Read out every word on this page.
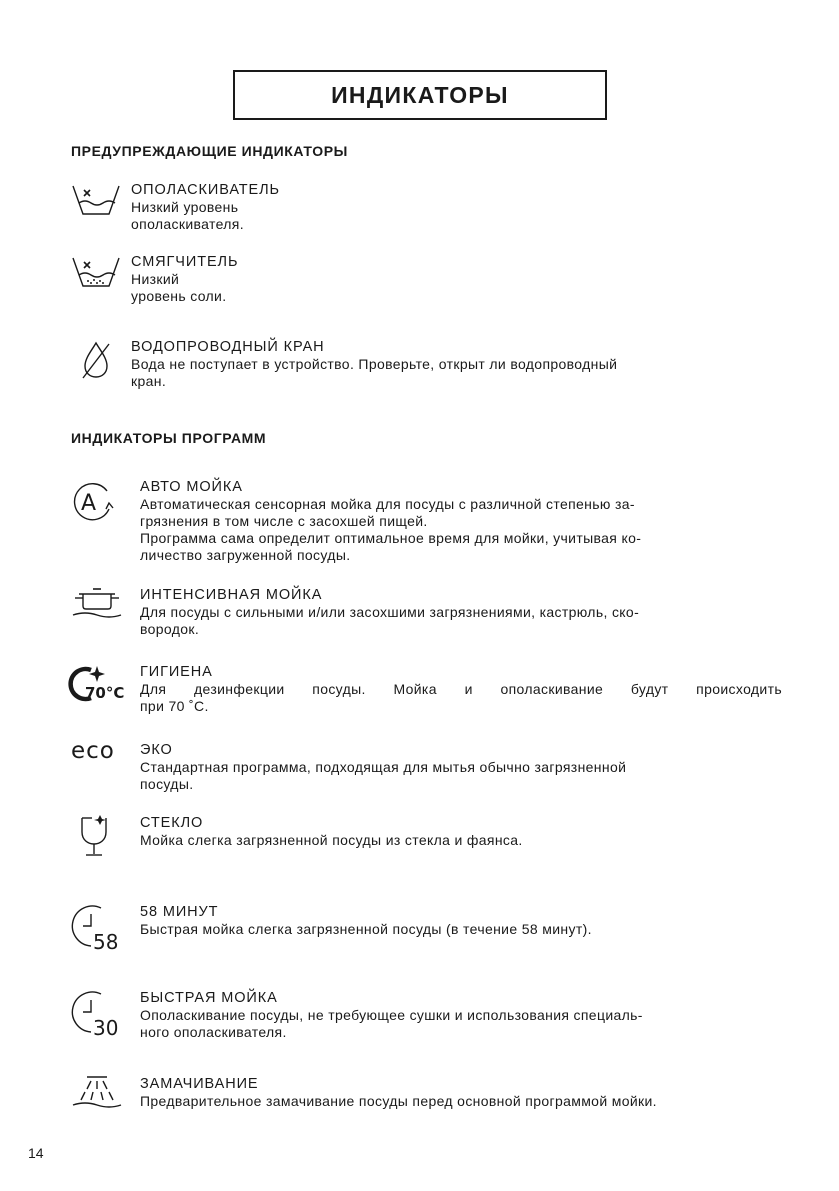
ИНДИКАТОРЫ
ПРЕДУПРЕЖДАЮЩИЕ ИНДИКАТОРЫ

ОПОЛАСКИВАТЕЛЬ

Низкий уровень ополаскивателя.

СМЯГЧИТЕЛЬ

Низкий уровень соли.

ВОДОПРОВОДНЫЙ КРАН

Вода не поступает в устройство. Проверьте, открыт ли водопроводный

кран.

ИНДИКАТОРЫ ПРОГРАММ
A

АВТО МОЙКА

Автоматическая сенсорная мойка для посуды с различной степенью за-

грязнения в том числе с засохшей пищей.

Программа сама определит оптимальное время для мойки, учитывая ко-

личество загруженной посуды.

ИНТЕНСИВНАЯ МОЙКА

Для посуды с сильными и/или засохшими загрязнениями, кастрюль, ско-

вородок.

70°C

ГИГИЕНА

Для дезинфекции посуды. Мойка и ополаскивание будут происходить

при 70 ˚С.

eco ЭКО

Стандартная программа, подходящая для мытья обычно загрязненной

посуды.

СТЕКЛО

Мойка слегка загрязненной посуды из стекла и фаянса.

58

58 МИНУТ

Быстрая мойка слегка загрязненной посуды (в течение 58 минут).

30

БЫСТРАЯ МОЙКА

Ополаскивание посуды, не требующее сушки и использования специаль-

ного ополаскивателя.

ЗАМАЧИВАНИЕ

Предварительное замачивание посуды перед основной программой мойки.

14
